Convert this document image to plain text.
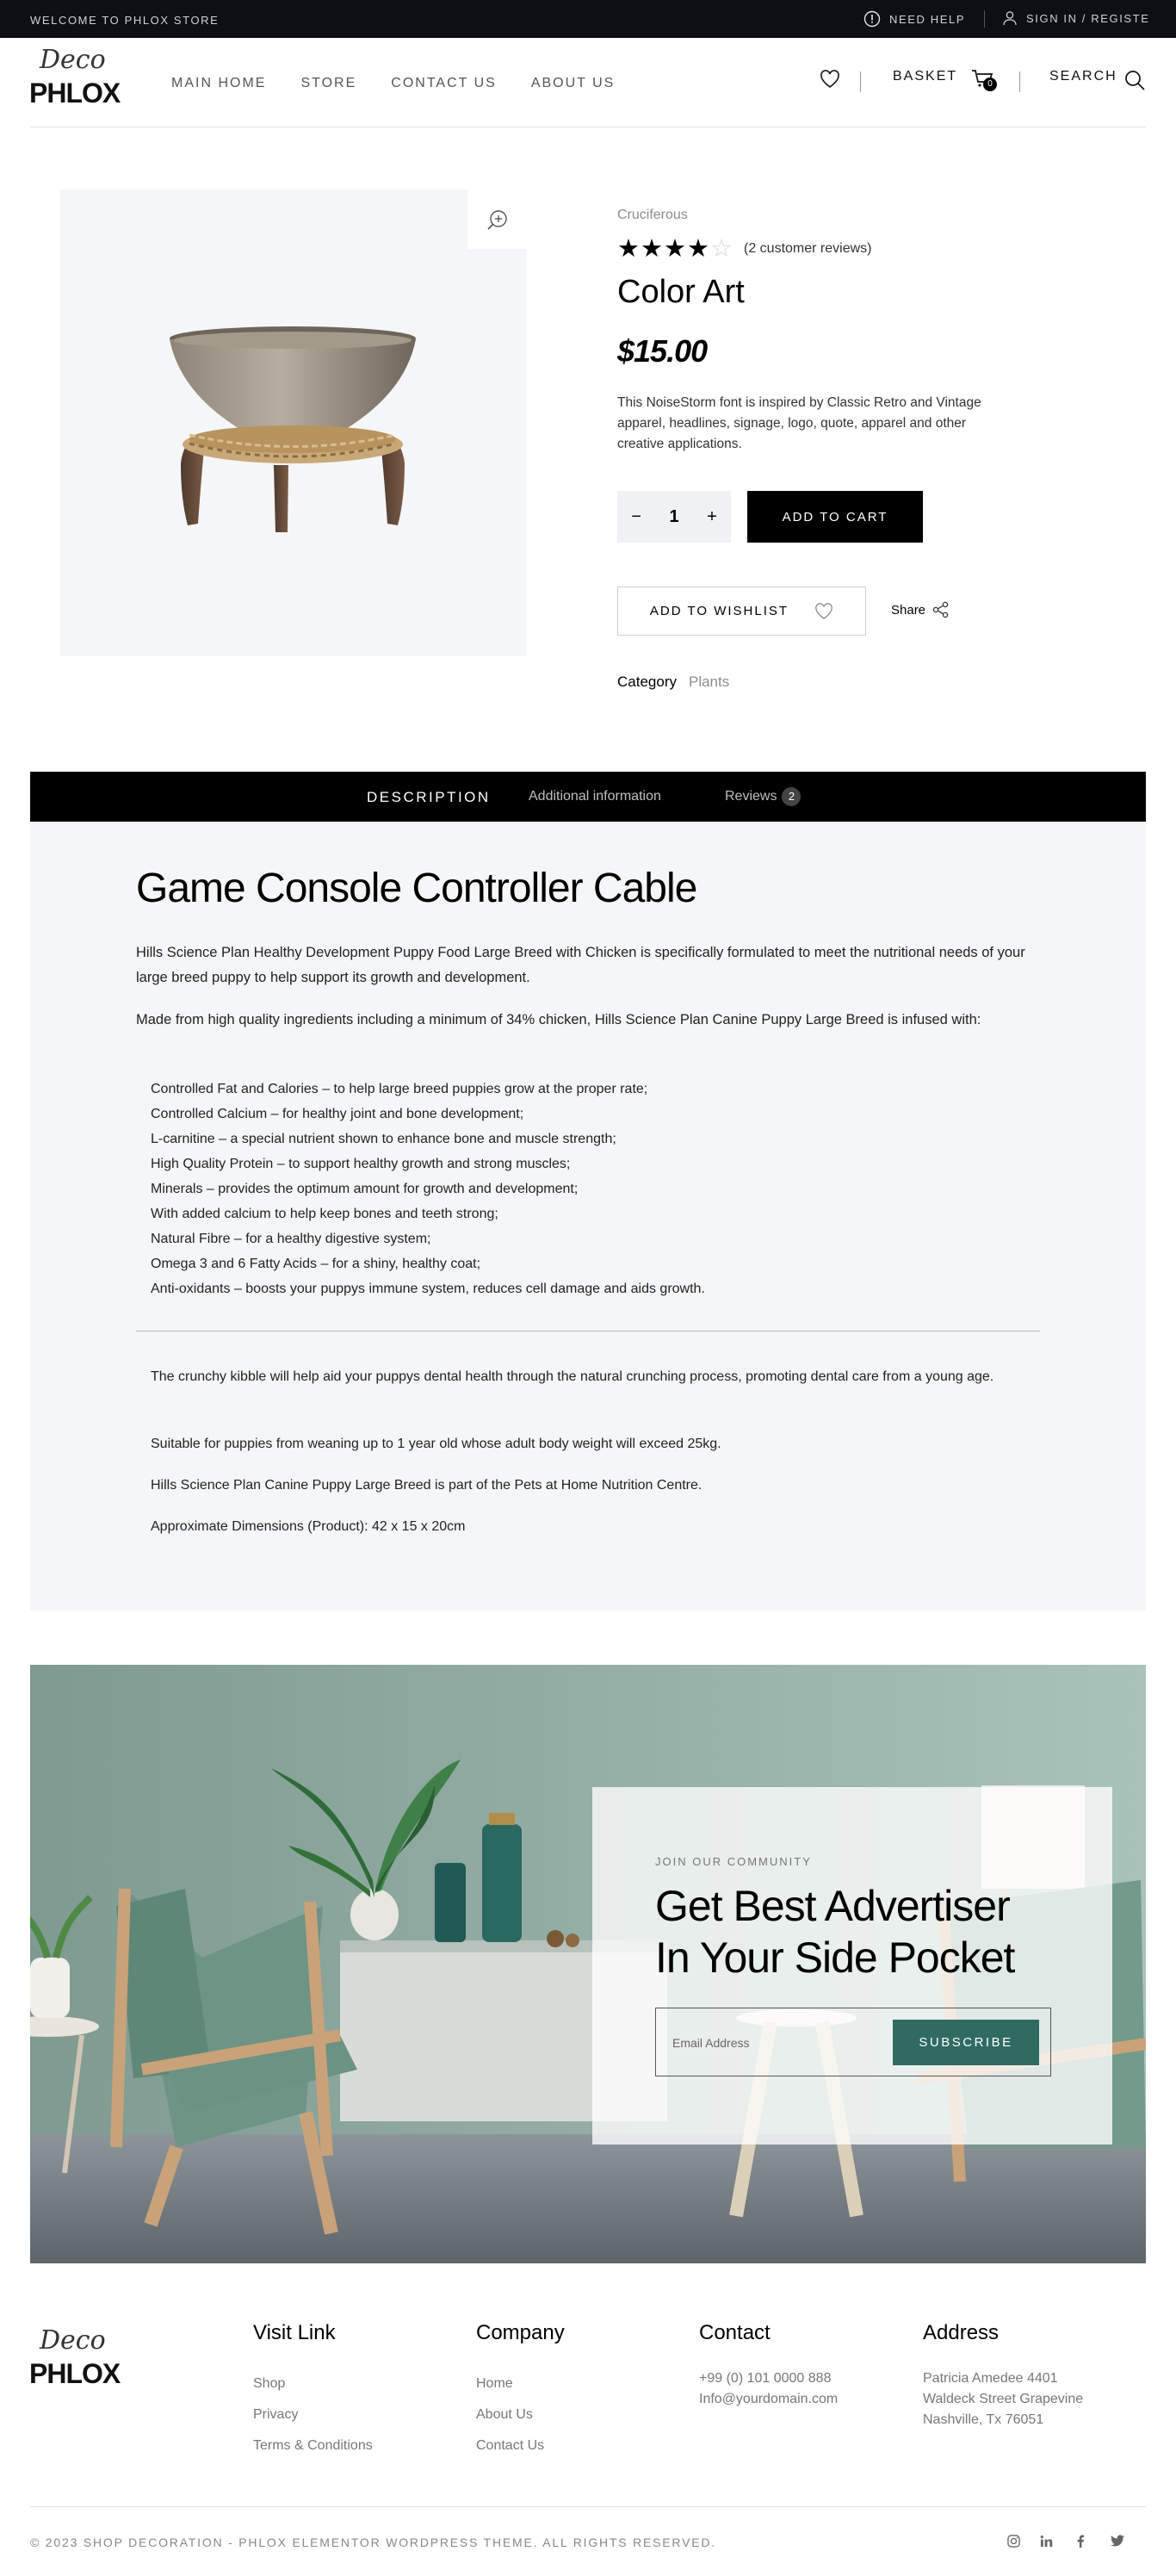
WELCOME TO PHLOX STORE	NEED HELP	SIGN IN / REGISTE
Deco
PHLOX	MAIN HOME	STORE	CONTACT US	ABOUT US	BASKET
0
SEARCH
Cruciferous
★★★★☆ (2 customer reviews)
Color Art
$15.00

This NoiseStorm font is inspired by Classic Retro and Vintage apparel, headlines, signage, logo, quote, apparel and other creative applications.

− 1 +	ADD TO CART
ADD TO WISHLIST	Share
Category Plants
DESCRIPTION	Additional information	Reviews 2
Game Console Controller Cable

Hills Science Plan Healthy Development Puppy Food Large Breed with Chicken is specifically formulated to meet the nutritional needs of your large breed puppy to help support its growth and development.

Made from high quality ingredients including a minimum of 34% chicken, Hills Science Plan Canine Puppy Large Breed is infused with:

Controlled Fat and Calories – to help large breed puppies grow at the proper rate;
Controlled Calcium – for healthy joint and bone development;
L-carnitine – a special nutrient shown to enhance bone and muscle strength;
High Quality Protein – to support healthy growth and strong muscles;
Minerals – provides the optimum amount for growth and development;
With added calcium to help keep bones and teeth strong;
Natural Fibre – for a healthy digestive system;
Omega 3 and 6 Fatty Acids – for a shiny, healthy coat;
Anti-oxidants – boosts your puppys immune system, reduces cell damage and aids growth.

The crunchy kibble will help aid your puppys dental health through the natural crunching process, promoting dental care from a young age.

Suitable for puppies from weaning up to 1 year old whose adult body weight will exceed 25kg.

Hills Science Plan Canine Puppy Large Breed is part of the Pets at Home Nutrition Centre.

Approximate Dimensions (Product): 42 x 15 x 20cm

JOIN OUR COMMUNITY
Get Best Advertiser
In Your Side Pocket
Email Address	SUBSCRIBE
Deco
PHLOX
Visit Link
Shop
Privacy
Terms & Conditions
Company
Home
About Us
Contact Us
Contact
+99 (0) 101 0000 888
Info@yourdomain.com
Address
Patricia Amedee 4401
Waldeck Street Grapevine
Nashville, Tx 76051
© 2023 SHOP DECORATION - PHLOX ELEMENTOR WORDPRESS THEME. ALL RIGHTS RESERVED.
